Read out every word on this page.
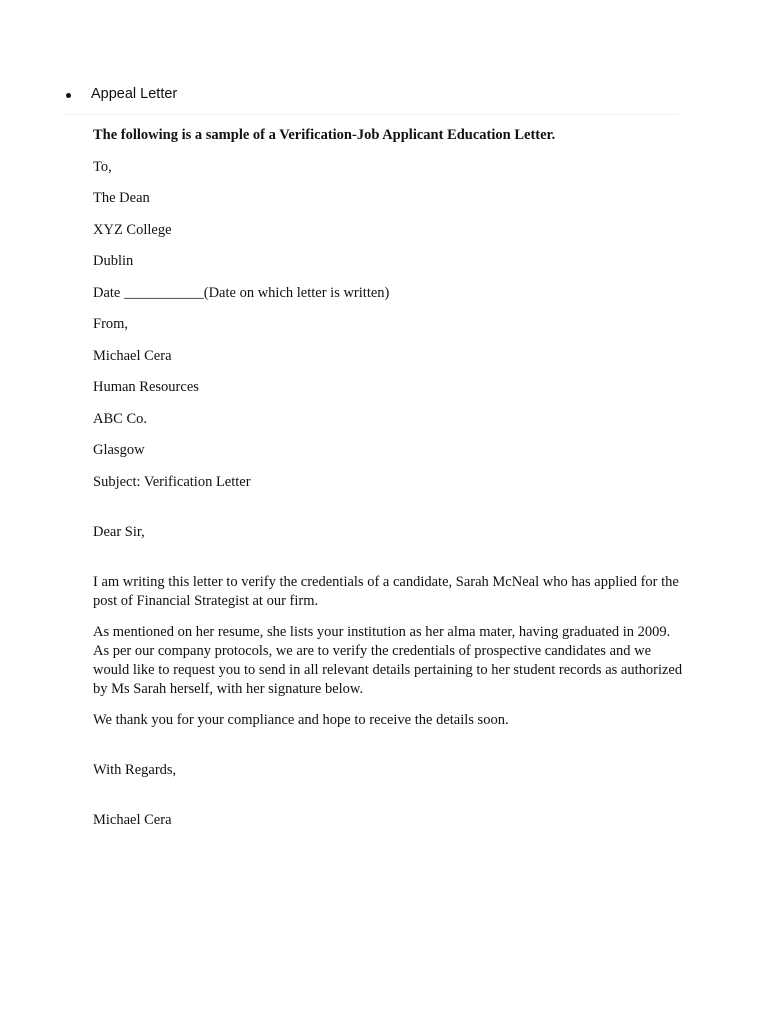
Appeal Letter

The following is a sample of a Verification-Job Applicant Education Letter.

To,

The Dean

XYZ College

Dublin

Date ___________(Date on which letter is written)

From,

Michael Cera

Human Resources

ABC Co.

Glasgow

Subject: Verification Letter

Dear Sir,

I am writing this letter to verify the credentials of a candidate, Sarah McNeal who has applied for the post of Financial Strategist at our firm.

As mentioned on her resume, she lists your institution as her alma mater, having graduated in 2009. As per our company protocols, we are to verify the credentials of prospective candidates and we would like to request you to send in all relevant details pertaining to her student records as authorized by Ms Sarah herself, with her signature below.

We thank you for your compliance and hope to receive the details soon.

With Regards,

Michael Cera
